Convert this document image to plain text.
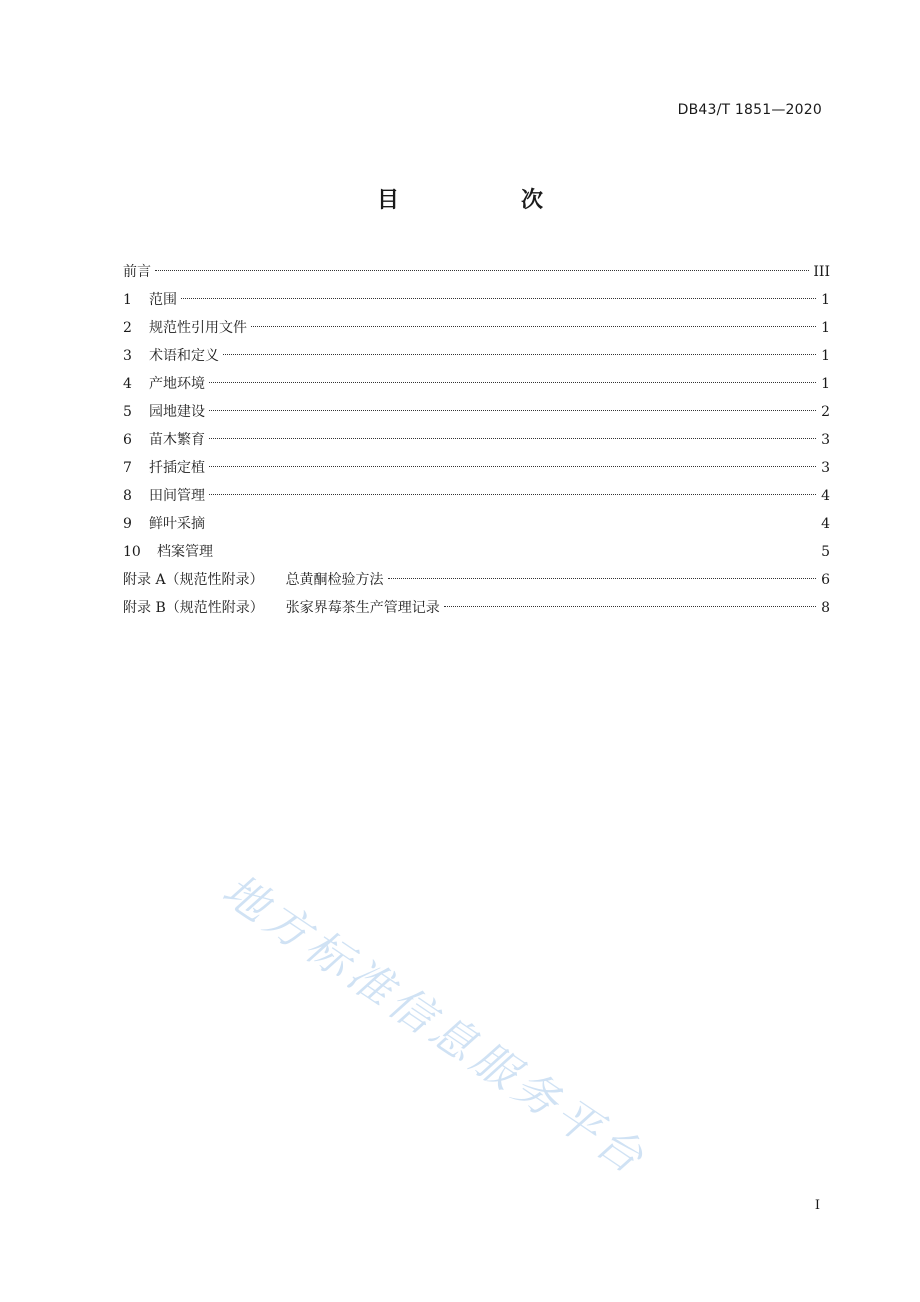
DB43/T 1851—2020
目　次
前言	III
1	范围	1
2	规范性引用文件	1
3	术语和定义	1
4	产地环境	1
5	园地建设	2
6	苗木繁育	3
7	扦插定植	3
8	田间管理	4
9	鲜叶采摘	4
10	档案管理	5
附录 A（规范性附录） 总黄酮检验方法	6
附录 B（规范性附录） 张家界莓茶生产管理记录	8
地方标准信息服务平台
I
